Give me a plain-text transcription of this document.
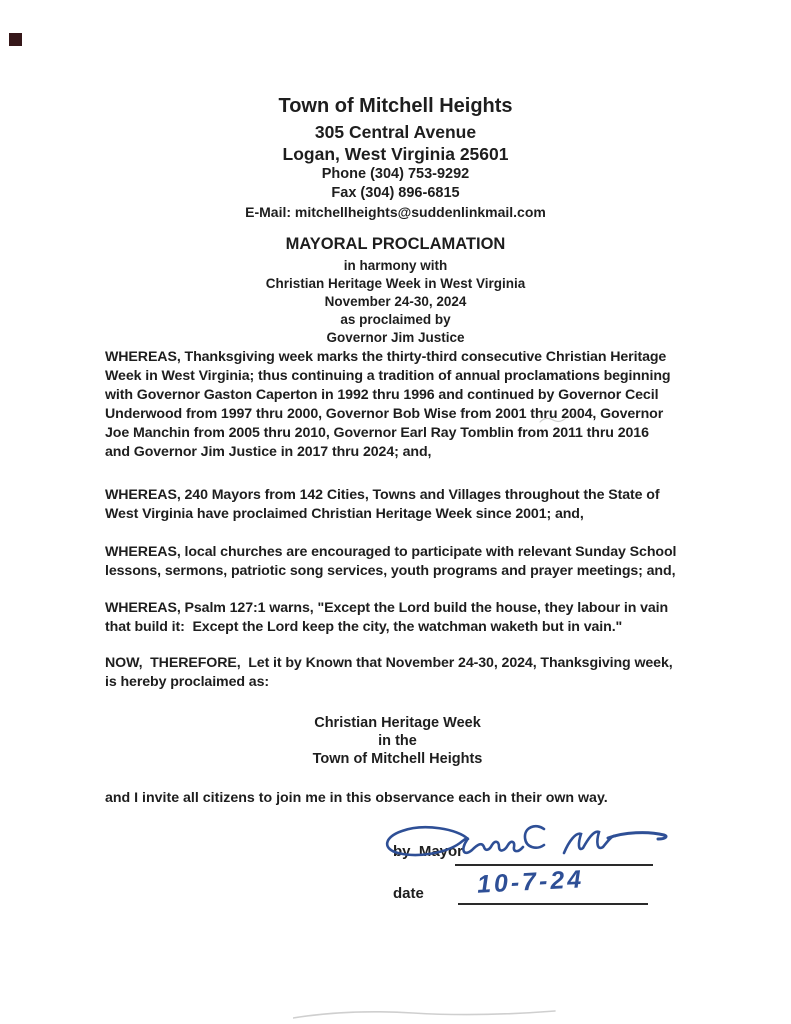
Town of Mitchell Heights
305 Central Avenue
Logan, West Virginia 25601
Phone (304) 753-9292
Fax (304) 896-6815
E-Mail: mitchellheights@suddenlinkmail.com
MAYORAL PROCLAMATION
in harmony with
Christian Heritage Week in West Virginia
November 24-30, 2024
as proclaimed by
Governor Jim Justice
WHEREAS, Thanksgiving week marks the thirty-third consecutive Christian Heritage
Week in West Virginia; thus continuing a tradition of annual proclamations beginning
with Governor Gaston Caperton in 1992 thru 1996 and continued by Governor Cecil
Underwood from 1997 thru 2000, Governor Bob Wise from 2001 thru 2004, Governor
Joe Manchin from 2005 thru 2010, Governor Earl Ray Tomblin from 2011 thru 2016
and Governor Jim Justice in 2017 thru 2024; and,
WHEREAS, 240 Mayors from 142 Cities, Towns and Villages throughout the State of
West Virginia have proclaimed Christian Heritage Week since 2001; and,
WHEREAS, local churches are encouraged to participate with relevant Sunday School
lessons, sermons, patriotic song services, youth programs and prayer meetings; and,
WHEREAS, Psalm 127:1 warns, "Except the Lord build the house, they labour in vain
that build it:  Except the Lord keep the city, the watchman waketh but in vain."
NOW,  THEREFORE,  Let it by Known that November 24-30, 2024, Thanksgiving week,
is hereby proclaimed as:
Christian Heritage Week
in the
Town of Mitchell Heights
and I invite all citizens to join me in this observance each in their own way.
by  Mayor
date 10-7-24
